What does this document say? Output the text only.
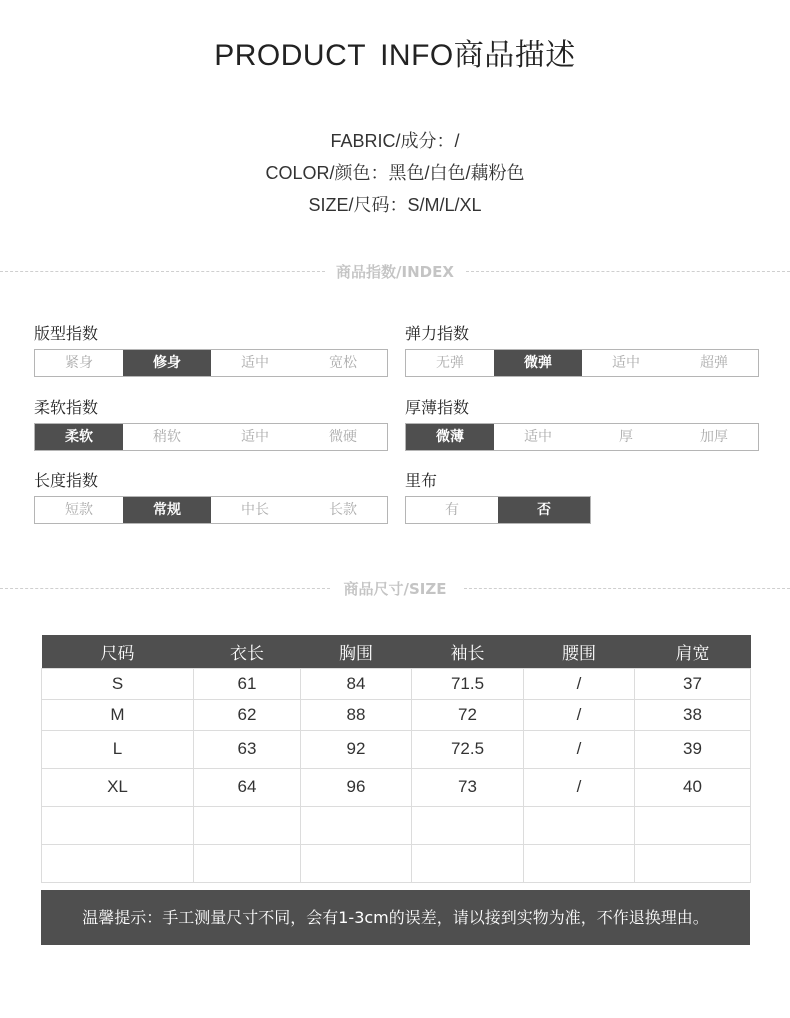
PRODUCT INFO商品描述
FABRIC/成分：/
COLOR/颜色：黑色/白色/藕粉色
SIZE/尺码：S/M/L/XL
商品指数/INDEX
版型指数
紧身	修身	适中	宽松
弹力指数
无弹	微弹	适中	超弹
柔软指数
柔软	稍软	适中	微硬
厚薄指数
微薄	适中	厚	加厚
长度指数
短款	常规	中长	长款
里布
有	否
商品尺寸/SIZE
尺码	衣长	胸围	袖长	腰围	肩宽
S	61	84	71.5	/	37
M	62	88	72	/	38
L	63	92	72.5	/	39
XL	64	96	73	/	40

温馨提示：手工测量尺寸不同，会有1-3cm的误差，请以接到实物为准，不作退换理由。
